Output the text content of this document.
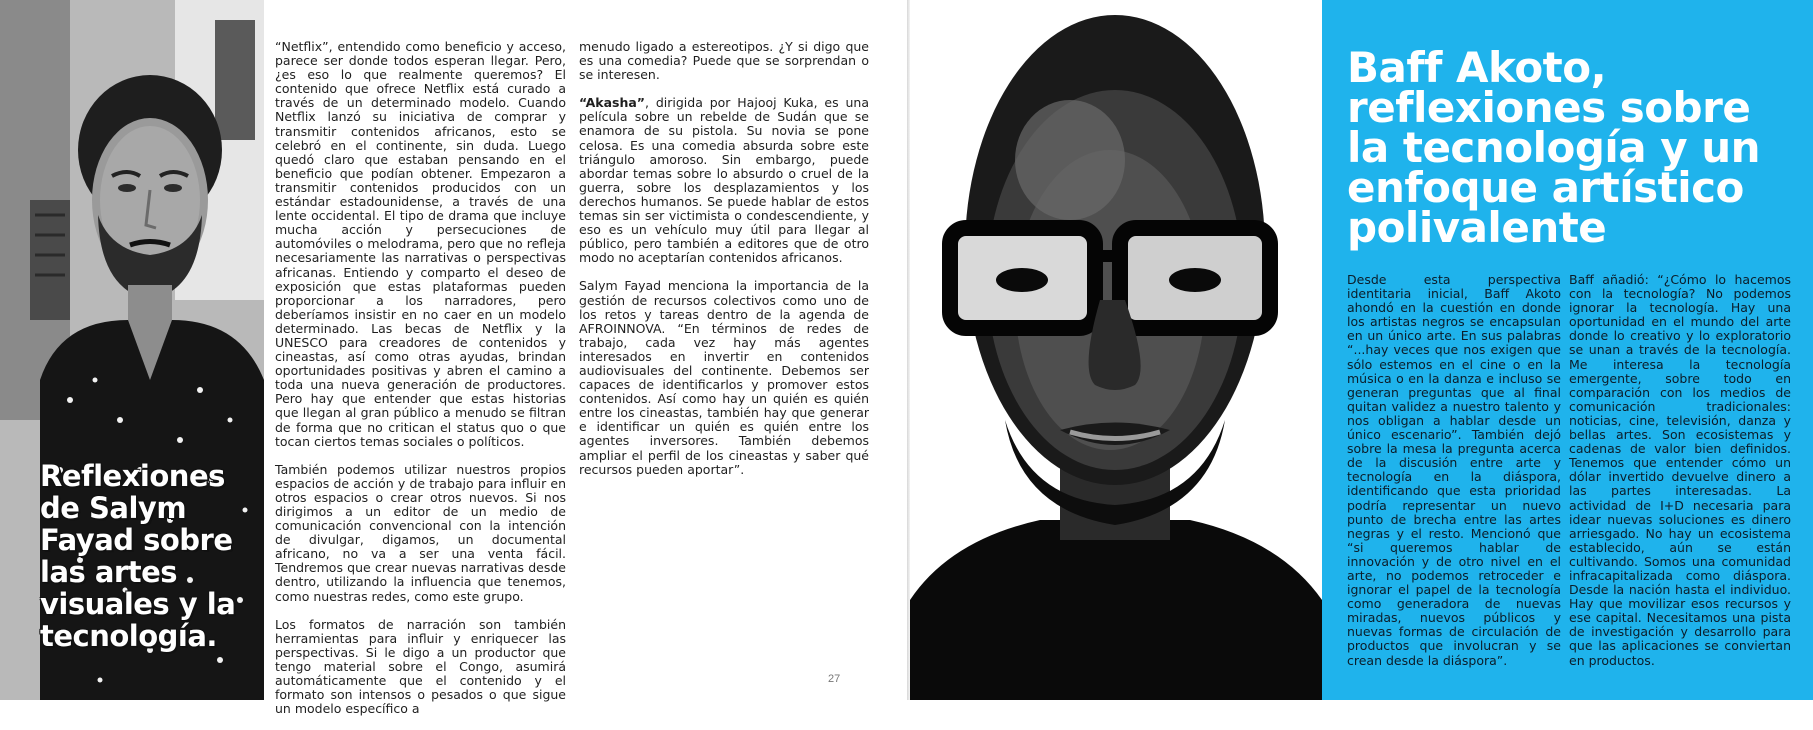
Reflexiones de Salym Fayad sobre las artes visuales y la tecnología.

“Netflix”, entendido como beneficio y acceso, parece ser donde todos esperan llegar. Pero, ¿es eso lo que realmente queremos? El contenido que ofrece Netflix está curado a través de un determinado modelo. Cuando Netflix lanzó su iniciativa de comprar y transmitir contenidos africanos, esto se celebró en el continente, sin duda. Luego quedó claro que estaban pensando en el beneficio que podían obtener. Empezaron a transmitir contenidos producidos con un estándar estadounidense, a través de una lente occidental. El tipo de drama que incluye mucha acción y persecuciones de automóviles o melodrama, pero que no refleja necesariamente las narrativas o perspectivas africanas. Entiendo y comparto el deseo de exposición que estas plataformas pueden proporcionar a los narradores, pero deberíamos insistir en no caer en un modelo determinado. Las becas de Netflix y la UNESCO para creadores de contenidos y cineastas, así como otras ayudas, brindan oportunidades positivas y abren el camino a toda una nueva generación de productores. Pero hay que entender que estas historias que llegan al gran público a menudo se filtran de forma que no critican el status quo o que tocan ciertos temas sociales o políticos.

También podemos utilizar nuestros propios espacios de acción y de trabajo para influir en otros espacios o crear otros nuevos. Si nos dirigimos a un editor de un medio de comunicación convencional con la intención de divulgar, digamos, un documental africano, no va a ser una venta fácil. Tendremos que crear nuevas narrativas desde dentro, utilizando la influencia que tenemos, como nuestras redes, como este grupo.

Los formatos de narración son también herramientas para influir y enriquecer las perspectivas. Si le digo a un productor que tengo material sobre el Congo, asumirá automáticamente que el contenido y el formato son intensos o pesados o que sigue un modelo específico a

menudo ligado a estereotipos. ¿Y si digo que es una comedia? Puede que se sorprendan o se interesen.

“Akasha”, dirigida por Hajooj Kuka, es una película sobre un rebelde de Sudán que se enamora de su pistola. Su novia se pone celosa. Es una comedia absurda sobre este triángulo amoroso. Sin embargo, puede abordar temas sobre lo absurdo o cruel de la guerra, sobre los desplazamientos y los derechos humanos. Se puede hablar de estos temas sin ser victimista o condescendiente, y eso es un vehículo muy útil para llegar al público, pero también a editores que de otro modo no aceptarían contenidos africanos.

Salym Fayad menciona la importancia de la gestión de recursos colectivos como uno de los retos y tareas dentro de la agenda de AFROINNOVA. “En términos de redes de trabajo, cada vez hay más agentes interesados en invertir en contenidos audiovisuales del continente. Debemos ser capaces de identificarlos y promover estos contenidos. Así como hay un quién es quién entre los cineastas, también hay que generar e identificar un quién es quién entre los agentes inversores. También debemos ampliar el perfil de los cineastas y saber qué recursos pueden aportar”.

27
Baff Akoto, reflexiones sobre la tecnología y un enfoque artístico polivalente
Desde esta perspectiva identitaria inicial, Baff Akoto ahondó en la cuestión en donde los artistas negros se encapsulan en un único arte. En sus palabras “...hay veces que nos exigen que sólo estemos en el cine o en la música o en la danza e incluso se generan preguntas que al final quitan validez a nuestro talento y nos obligan a hablar desde un único escenario”. También dejó sobre la mesa la pregunta acerca de la discusión entre arte y tecnología en la diáspora, identificando que esta prioridad podría representar un nuevo punto de brecha entre las artes negras y el resto. Mencionó que “si queremos hablar de innovación y de otro nivel en el arte, no podemos retroceder e ignorar el papel de la tecnología como generadora de nuevas miradas, nuevos públicos y nuevas formas de circulación de productos que involucran y se crean desde la diáspora”.
Baff añadió: “¿Cómo lo hacemos con la tecnología? No podemos ignorar la tecnología. Hay una oportunidad en el mundo del arte donde lo creativo y lo exploratorio se unan a través de la tecnología. Me interesa la tecnología emergente, sobre todo en comparación con los medios de comunicación tradicionales: noticias, cine, televisión, danza y bellas artes. Son ecosistemas y cadenas de valor bien definidos. Tenemos que entender cómo un dólar invertido devuelve dinero a las partes interesadas. La actividad de I+D necesaria para idear nuevas soluciones es dinero arriesgado. No hay un ecosistema establecido, aún se están cultivando. Somos una comunidad infracapitalizada como diáspora. Desde la nación hasta el individuo. Hay que movilizar esos recursos y ese capital. Necesitamos una pista de investigación y desarrollo para que las aplicaciones se conviertan en productos.
